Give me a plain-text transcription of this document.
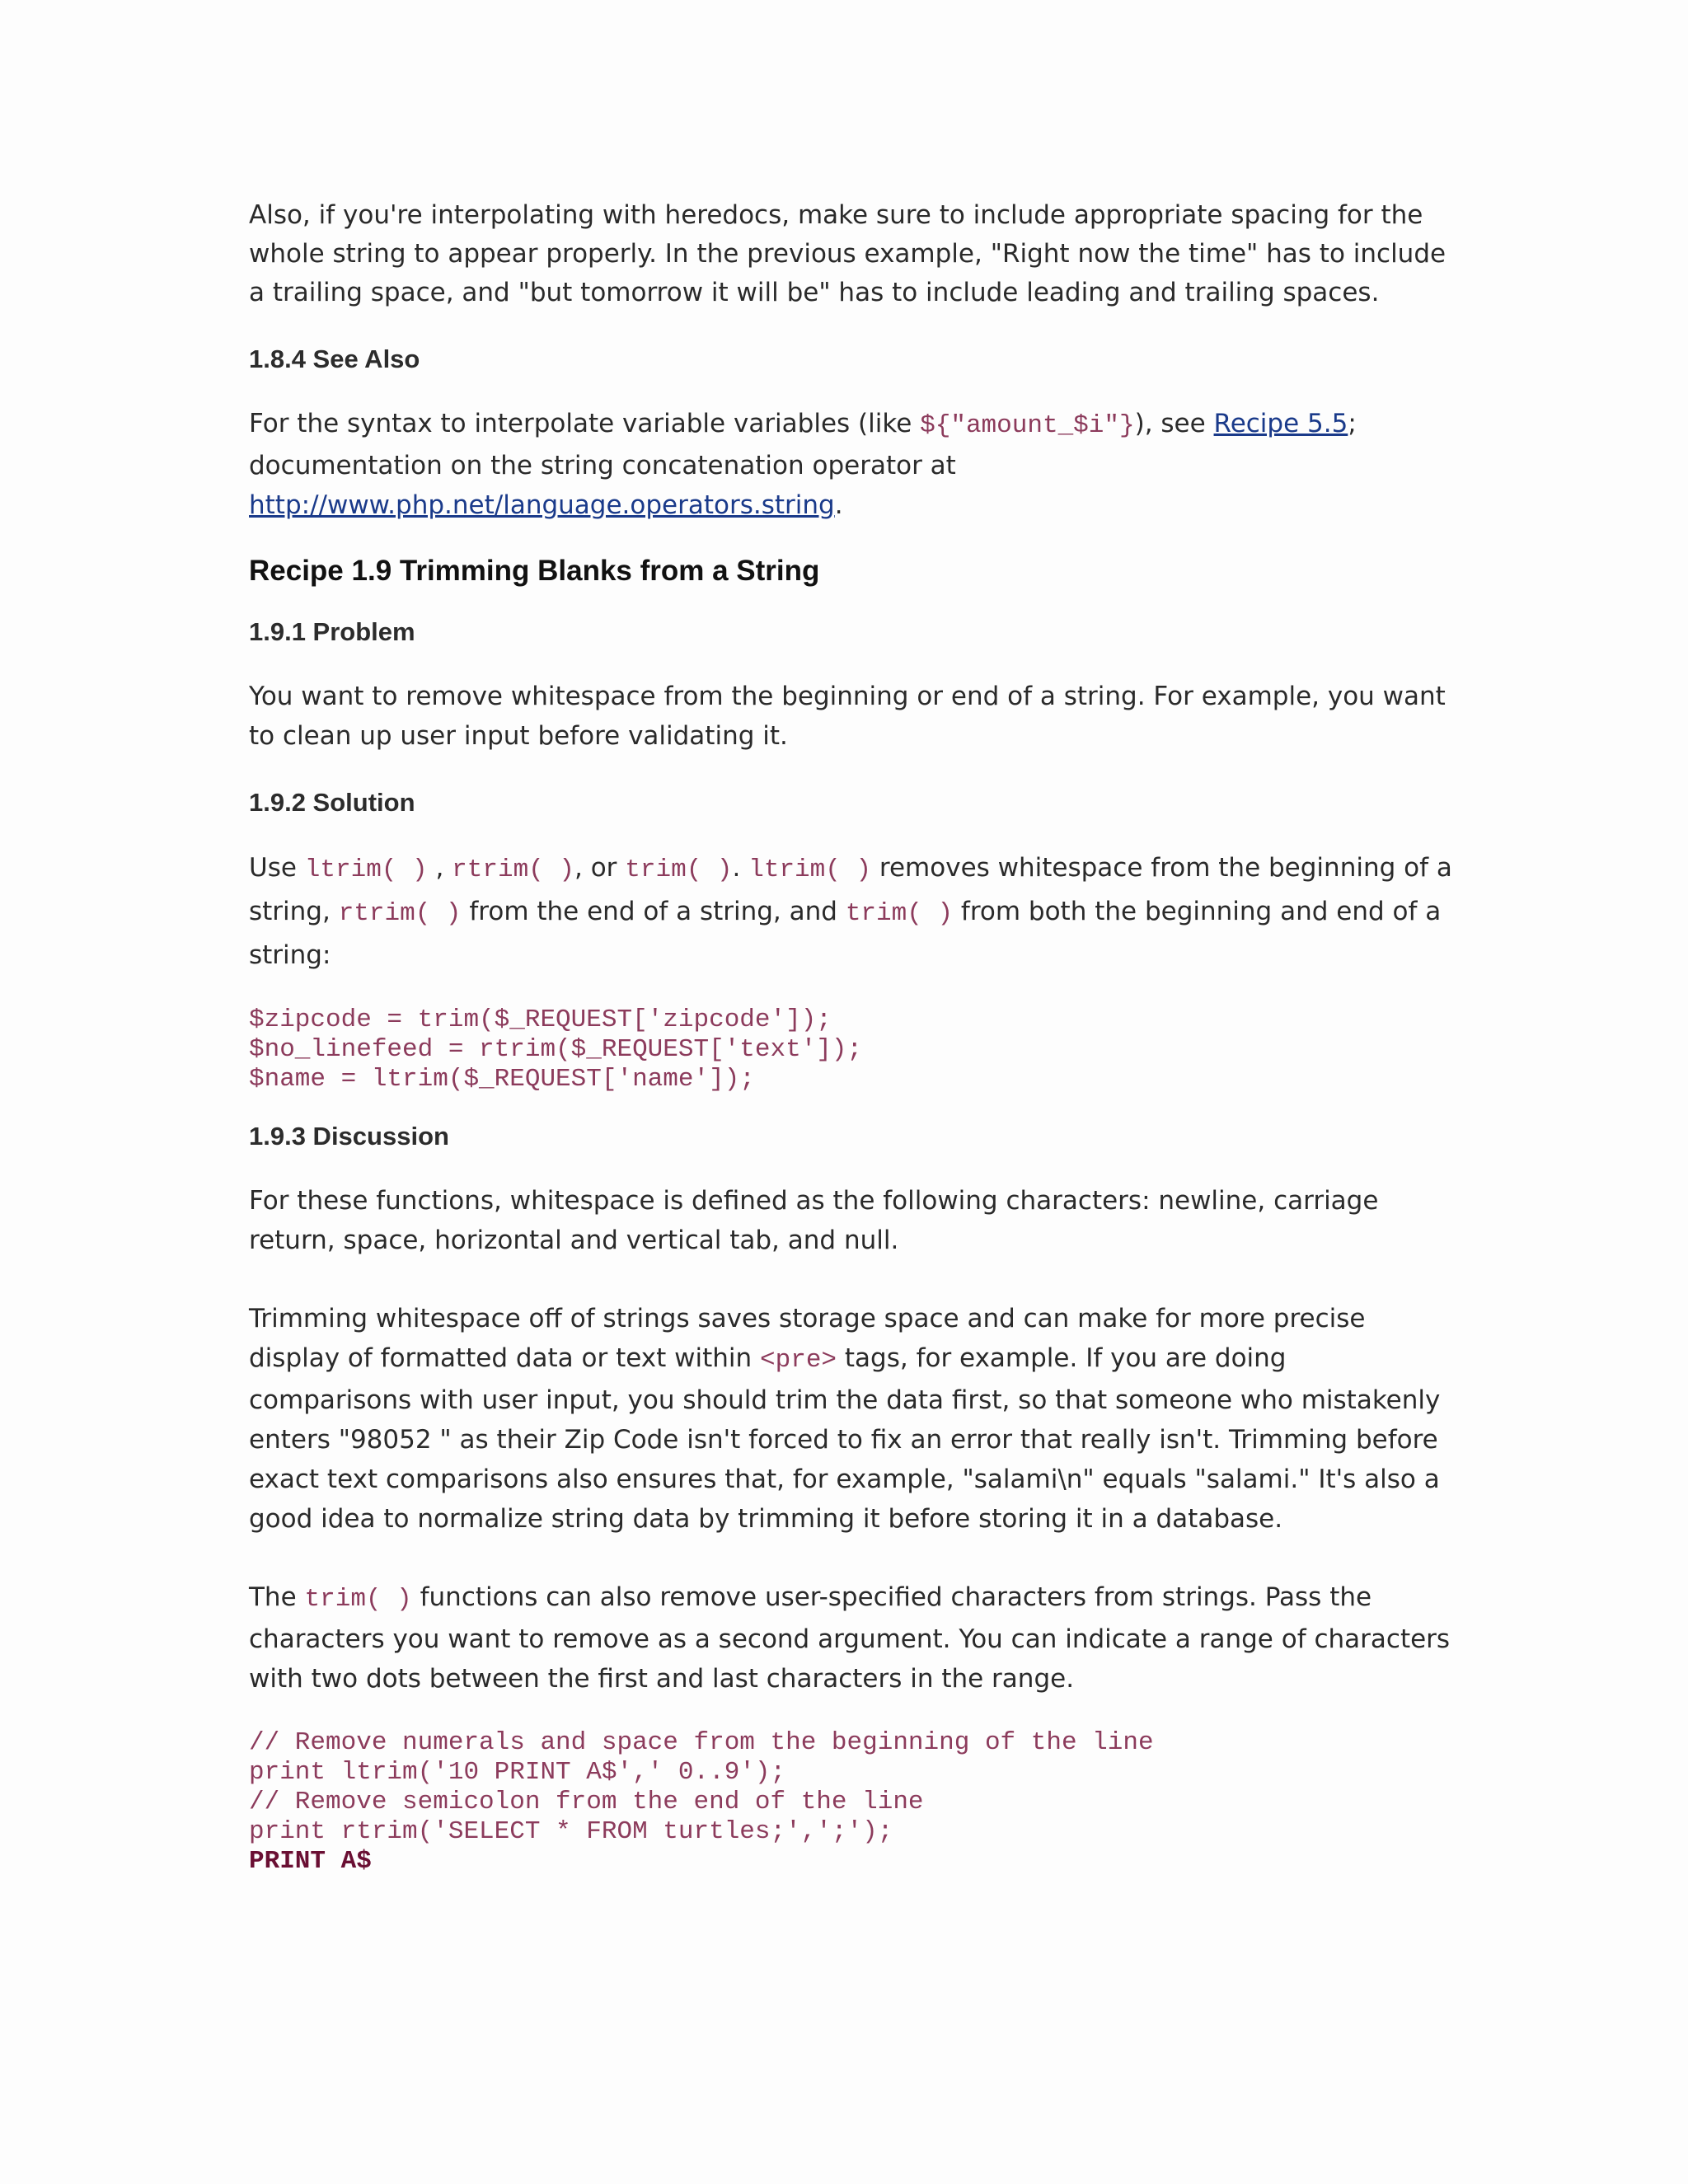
Also, if you're interpolating with heredocs, make sure to include appropriate spacing for the whole string to appear properly. In the previous example, "Right now the time" has to include a trailing space, and "but tomorrow it will be" has to include leading and trailing spaces.

1.8.4 See Also

For the syntax to interpolate variable variables (like ${"amount_$i"}), see Recipe 5.5; documentation on the string concatenation operator at http://www.php.net/language.operators.string.

Recipe 1.9 Trimming Blanks from a String
1.9.1 Problem

You want to remove whitespace from the beginning or end of a string. For example, you want to clean up user input before validating it.

1.9.2 Solution

Use ltrim( ) , rtrim( ), or trim( ). ltrim( ) removes whitespace from the beginning of a string, rtrim( ) from the end of a string, and trim( ) from both the beginning and end of a string:

$zipcode = trim($_REQUEST['zipcode']);
$no_linefeed = rtrim($_REQUEST['text']);
$name = ltrim($_REQUEST['name']);
1.9.3 Discussion

For these functions, whitespace is defined as the following characters: newline, carriage return, space, horizontal and vertical tab, and null.

Trimming whitespace off of strings saves storage space and can make for more precise display of formatted data or text within <pre> tags, for example. If you are doing comparisons with user input, you should trim the data first, so that someone who mistakenly enters "98052 " as their Zip Code isn't forced to fix an error that really isn't. Trimming before exact text comparisons also ensures that, for example, "salami\n" equals "salami." It's also a good idea to normalize string data by trimming it before storing it in a database.

The trim( ) functions can also remove user-specified characters from strings. Pass the characters you want to remove as a second argument. You can indicate a range of characters with two dots between the first and last characters in the range.

// Remove numerals and space from the beginning of the line
print ltrim('10 PRINT A$',' 0..9');
// Remove semicolon from the end of the line
print rtrim('SELECT * FROM turtles;',';');
PRINT A$
